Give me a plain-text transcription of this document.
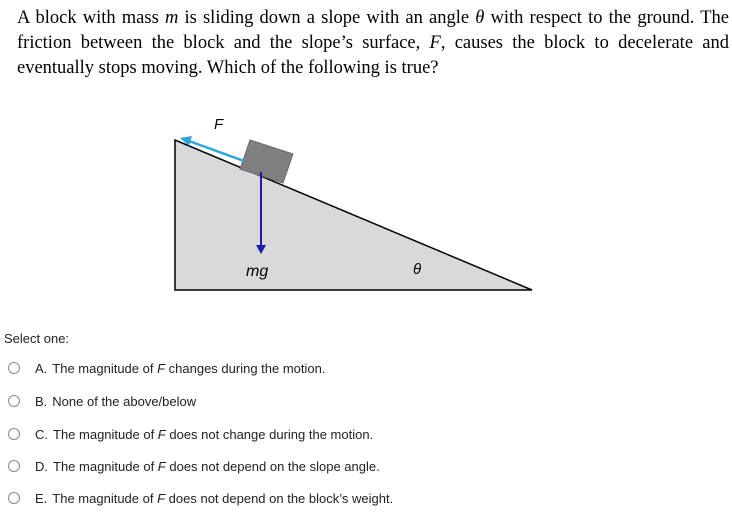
A block with mass m is sliding down a slope with an angle θ with respect to the ground. The friction between the block and the slope’s surface, F, causes the block to decelerate and eventually stops moving. Which of the following is true?
F
mg	θ
Select one:
A. The magnitude of F changes during the motion.
B. None of the above/below
C. The magnitude of F does not change during the motion.
D. The magnitude of F does not depend on the slope angle.
E. The magnitude of F does not depend on the block’s weight.
